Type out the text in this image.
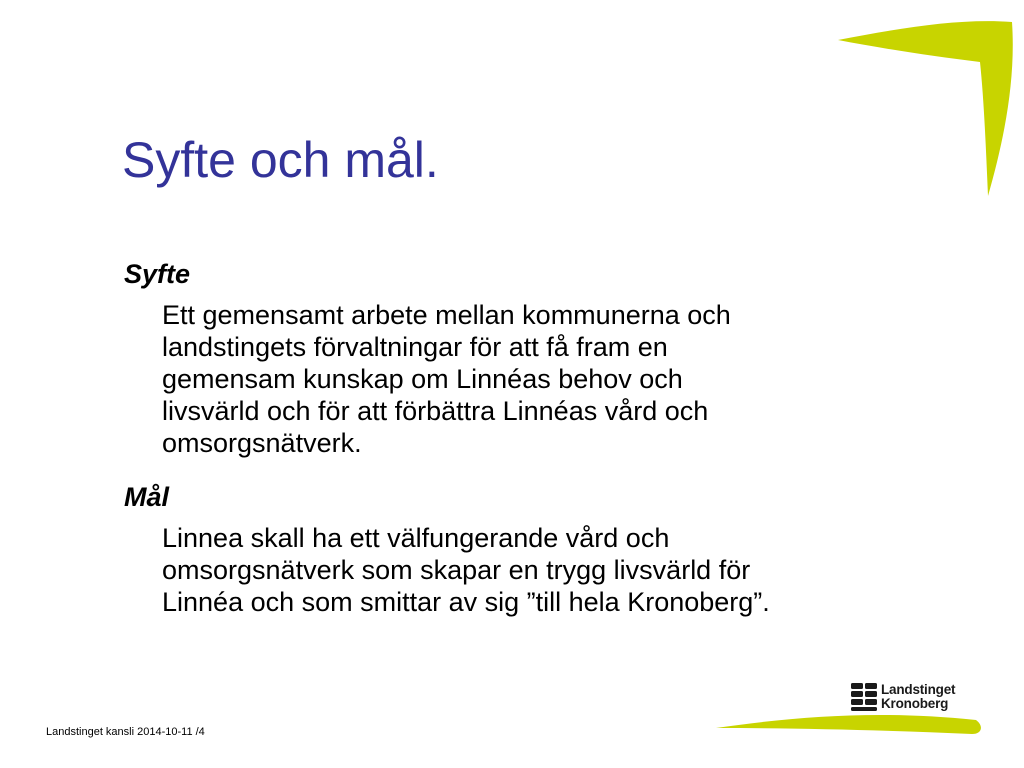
Syfte och mål.

Syfte

Ett gemensamt arbete mellan kommunerna och
landstingets förvaltningar för att få fram en
gemensam kunskap om Linnéas behov och
livsvärld och för att förbättra Linnéas vård och
omsorgsnätverk.

Mål

Linnea skall ha ett välfungerande vård och
omsorgsnätverk som skapar en trygg livsvärld för
Linnéa och som smittar av sig ”till hela Kronoberg”.

Landstinget kansli 2014-10-11 /4
Landstinget
Kronoberg
